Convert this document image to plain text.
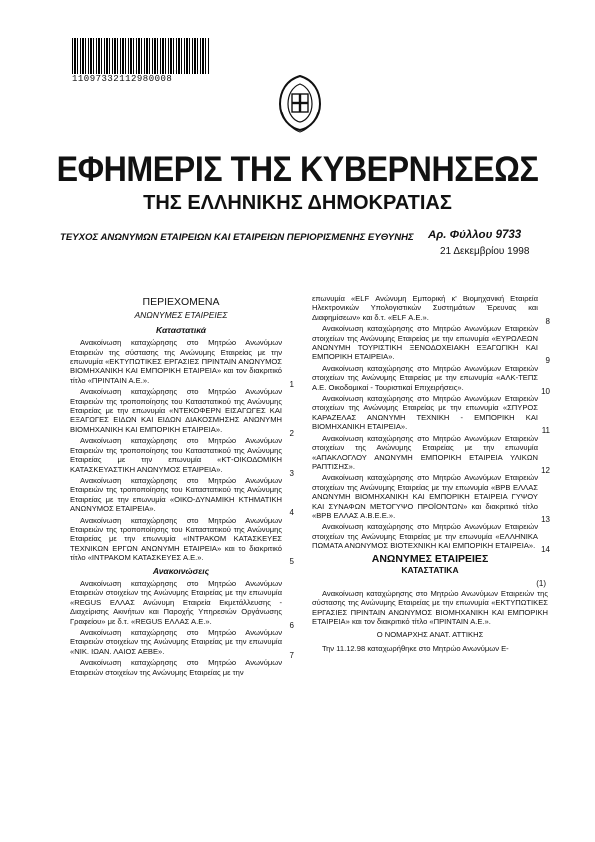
11097332112980008
ΕΦΗΜΕΡΙΣ ΤΗΣ ΚΥΒΕΡΝΗΣΕΩΣ
ΤΗΣ ΕΛΛΗΝΙΚΗΣ ΔΗΜΟΚΡΑΤΙΑΣ
ΤΕΥΧΟΣ ΑΝΩΝΥΜΩΝ ΕΤΑΙΡΕΙΩΝ ΚΑΙ ΕΤΑΙΡΕΙΩΝ ΠΕΡΙΟΡΙΣΜΕΝΗΣ ΕΥΘΥΝΗΣ Αρ. Φύλλου 9733
21 Δεκεμβρίου 1998
ΠΕΡΙΕΧΟΜΕΝΑ
ΑΝΩΝΥΜΕΣ ΕΤΑΙΡΕΙΕΣ
Καταστατικά
Ανακοίνωση καταχώρησης στο Μητρώο Ανωνύμων Εταιρειών της σύστασης της Ανώνυμης Εταιρείας με την επωνυμία «ΕΚΤΥΠΩΤΙΚΕΣ ΕΡΓΑΣΙΕΣ ΠΡΙΝΤΑΙΝ ΑΝΩΝΥΜΟΣ ΒΙΟΜΗΧΑΝΙΚΗ ΚΑΙ ΕΜΠΟΡΙΚΗ ΕΤΑΙΡΕΙΑ» και τον διακριτικό τίτλο «ΠΡΙΝΤΑΙΝ Α.Ε.».	1
Ανακοίνωση καταχώρησης στο Μητρώο Ανωνύμων Εταιρειών της τροποποίησης του Καταστατικού της Ανώνυμης Εταιρείας με την επωνυμία «ΝΤΕΚΟΦΕΡΝ ΕΙΣΑΓΩΓΕΣ ΚΑΙ ΕΞΑΓΩΓΕΣ ΕΙΔΩΝ ΚΑΙ ΕΙΔΩΝ ΔΙΑΚΟΣΜΗΣΗΣ ΑΝΩΝΥΜΗ ΒΙΟΜΗΧΑΝΙΚΗ ΚΑΙ ΕΜΠΟΡΙΚΗ ΕΤΑΙΡΕΙΑ».	2
Ανακοίνωση καταχώρησης στο Μητρώο Ανωνύμων Εταιρειών της τροποποίησης του Καταστατικού της Ανώνυμης Εταιρείας με την επωνυμία «ΚΤ-ΟΙΚΟΔΟΜΙΚΗ ΚΑΤΑΣΚΕΥΑΣΤΙΚΗ ΑΝΩΝΥΜΟΣ ΕΤΑΙΡΕΙΑ».	3
Ανακοίνωση καταχώρησης στο Μητρώο Ανωνύμων Εταιρειών της τροποποίησης του Καταστατικού της Ανώνυμης Εταιρείας με την επωνυμία «ΟΙΚΟ-ΔΥΝΑΜΙΚΗ ΚΤΗΜΑΤΙΚΗ ΑΝΩΝΥΜΟΣ ΕΤΑΙΡΕΙΑ».	4
Ανακοίνωση καταχώρησης στο Μητρώο Ανωνύμων Εταιρειών της τροποποίησης του Καταστατικού της Ανώνυμης Εταιρείας με την επωνυμία «ΙΝΤΡΑΚΟΜ ΚΑΤΑΣΚΕΥΕΣ ΤΕΧΝΙΚΩΝ ΕΡΓΩΝ ΑΝΩΝΥΜΗ ΕΤΑΙΡΕΙΑ» και το διακριτικό τίτλο «ΙΝΤΡΑΚΟΜ ΚΑΤΑΣΚΕΥΕΣ Α.Ε.».	5
Ανακοινώσεις
Ανακοίνωση καταχώρησης στο Μητρώο Ανωνύμων Εταιρειών στοιχείων της Ανώνυμης Εταιρείας με την επωνυμία «REGUS ΕΛΛΑΣ Ανώνυμη Εταιρεία Εκμετάλλευσης - Διαχείρισης Ακινήτων και Παροχής Υπηρεσιών Οργάνωσης Γραφείου» με δ.τ. «REGUS ΕΛΛΑΣ Α.Ε.».	6
Ανακοίνωση καταχώρησης στο Μητρώο Ανωνύμων Εταιρειών στοιχείων της Ανώνυμης Εταιρείας με την επωνυμία «ΝΙΚ. ΙΩΑΝ. ΛΑΙΟΣ ΑΕΒΕ».	7
Ανακοίνωση καταχώρησης στο Μητρώο Ανωνύμων Εταιρειών στοιχείων της Ανώνυμης Εταιρείας με την
επωνυμία «ELF Ανώνυμη Εμπορική κ' Βιομηχανική Εταιρεία Ηλεκτρονικών Υπολογιστικών Συστημάτων Έρευνας και Διαφημίσεων» και δ.τ. «ELF Α.Ε.».	8
Ανακοίνωση καταχώρησης στο Μητρώο Ανωνύμων Εταιρειών στοιχείων της Ανώνυμης Εταιρείας με την επωνυμία «ΕΥΡΩΛΕΩΝ ΑΝΩΝΥΜΗ ΤΟΥΡΙΣΤΙΚΗ ΞΕΝΟΔΟΧΕΙΑΚΗ ΕΞΑΓΩΓΙΚΗ ΚΑΙ ΕΜΠΟΡΙΚΗ ΕΤΑΙΡΕΙΑ».	9
Ανακοίνωση καταχώρησης στο Μητρώο Ανωνύμων Εταιρειών στοιχείων της Ανώνυμης Εταιρείας με την επωνυμία «ΑΛΚ-ΤΕΠΣ Α.Ε. Οικοδομικαί - Τουριστικαί Επιχειρήσεις».	10
Ανακοίνωση καταχώρησης στο Μητρώο Ανωνύμων Εταιρειών στοιχείων της Ανώνυμης Εταιρείας με την επωνυμία «ΣΠΥΡΟΣ ΚΑΡΑΖΕΛΑΣ ΑΝΩΝΥΜΗ ΤΕΧΝΙΚΗ - ΕΜΠΟΡΙΚΗ ΚΑΙ ΒΙΟΜΗΧΑΝΙΚΗ ΕΤΑΙΡΕΙΑ».	11
Ανακοίνωση καταχώρησης στο Μητρώο Ανωνύμων Εταιρειών στοιχείων της Ανώνυμης Εταιρείας με την επωνυμία «ΑΠΑΚΛΟΓΛΟΥ ΑΝΩΝΥΜΗ ΕΜΠΟΡΙΚΗ ΕΤΑΙΡΕΙΑ ΥΛΙΚΩΝ ΡΑΠΤΙΣΗΣ».	12
Ανακοίνωση καταχώρησης στο Μητρώο Ανωνύμων Εταιρειών στοιχείων της Ανώνυμης Εταιρείας με την επωνυμία «ΒΡΒ ΕΛΛΑΣ ΑΝΩΝΥΜΗ ΒΙΟΜΗΧΑΝΙΚΗ ΚΑΙ ΕΜΠΟΡΙΚΗ ΕΤΑΙΡΕΙΑ ΓΥΨΟΥ ΚΑΙ ΣΥΝΑΦΩΝ ΜΕΤΟΓΥΨΟ ΠΡΟΪΟΝΤΩΝ» και διακριτικό τίτλο «ΒΡΒ ΕΛΛΑΣ Α.Β.Ε.Ε.».	13
Ανακοίνωση καταχώρησης στο Μητρώο Ανωνύμων Εταιρειών στοιχείων της Ανώνυμης Εταιρείας με την επωνυμία «ΕΛΛΗΝΙΚΑ ΠΩΜΑΤΑ ΑΝΩΝΥΜΟΣ ΒΙΟΤΕΧΝΙΚΗ ΚΑΙ ΕΜΠΟΡΙΚΗ ΕΤΑΙΡΕΙΑ». 14
ΑΝΩΝΥΜΕΣ ΕΤΑΙΡΕΙΕΣ
ΚΑΤΑΣΤΑΤΙΚΑ
(1)
Ανακοίνωση καταχώρησης στο Μητρώο Ανωνύμων Εταιρειών της σύστασης της Ανώνυμης Εταιρείας με την επωνυμία «ΕΚΤΥΠΩΤΙΚΕΣ ΕΡΓΑΣΙΕΣ ΠΡΙΝΤΑΙΝ ΑΝΩΝΥΜΟΣ ΒΙΟΜΗΧΑΝΙΚΗ ΚΑΙ ΕΜΠΟΡΙΚΗ ΕΤΑΙΡΕΙΑ» και τον διακριτικό τίτλο «ΠΡΙΝΤΑΙΝ Α.Ε.».
Ο ΝΟΜΑΡΧΗΣ ΑΝΑΤ. ΑΤΤΙΚΗΣ
Την 11.12.98 καταχωρήθηκε στο Μητρώο Ανωνύμων Ε-
